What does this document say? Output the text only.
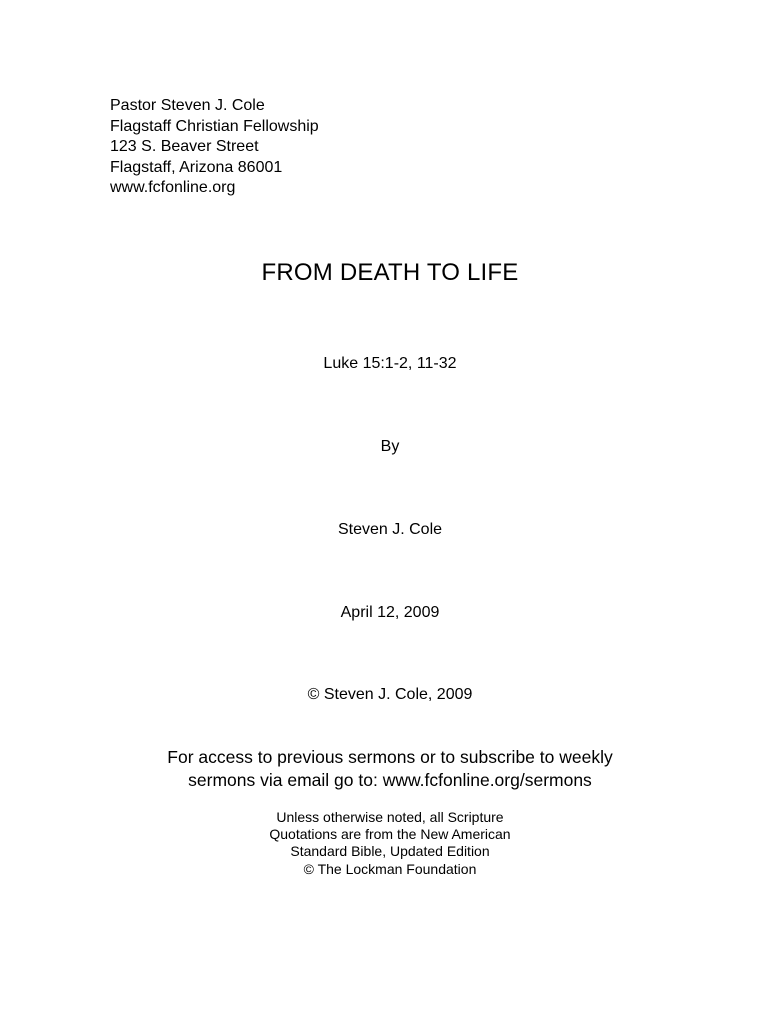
Pastor Steven J. Cole
Flagstaff Christian Fellowship
123 S. Beaver Street
Flagstaff, Arizona 86001
www.fcfonline.org
FROM DEATH TO LIFE
Luke 15:1-2, 11-32
By
Steven J. Cole
April 12, 2009
© Steven J. Cole, 2009
For access to previous sermons or to subscribe to weekly
sermons via email go to: www.fcfonline.org/sermons
Unless otherwise noted, all Scripture
Quotations are from the New American
Standard Bible, Updated Edition
© The Lockman Foundation
